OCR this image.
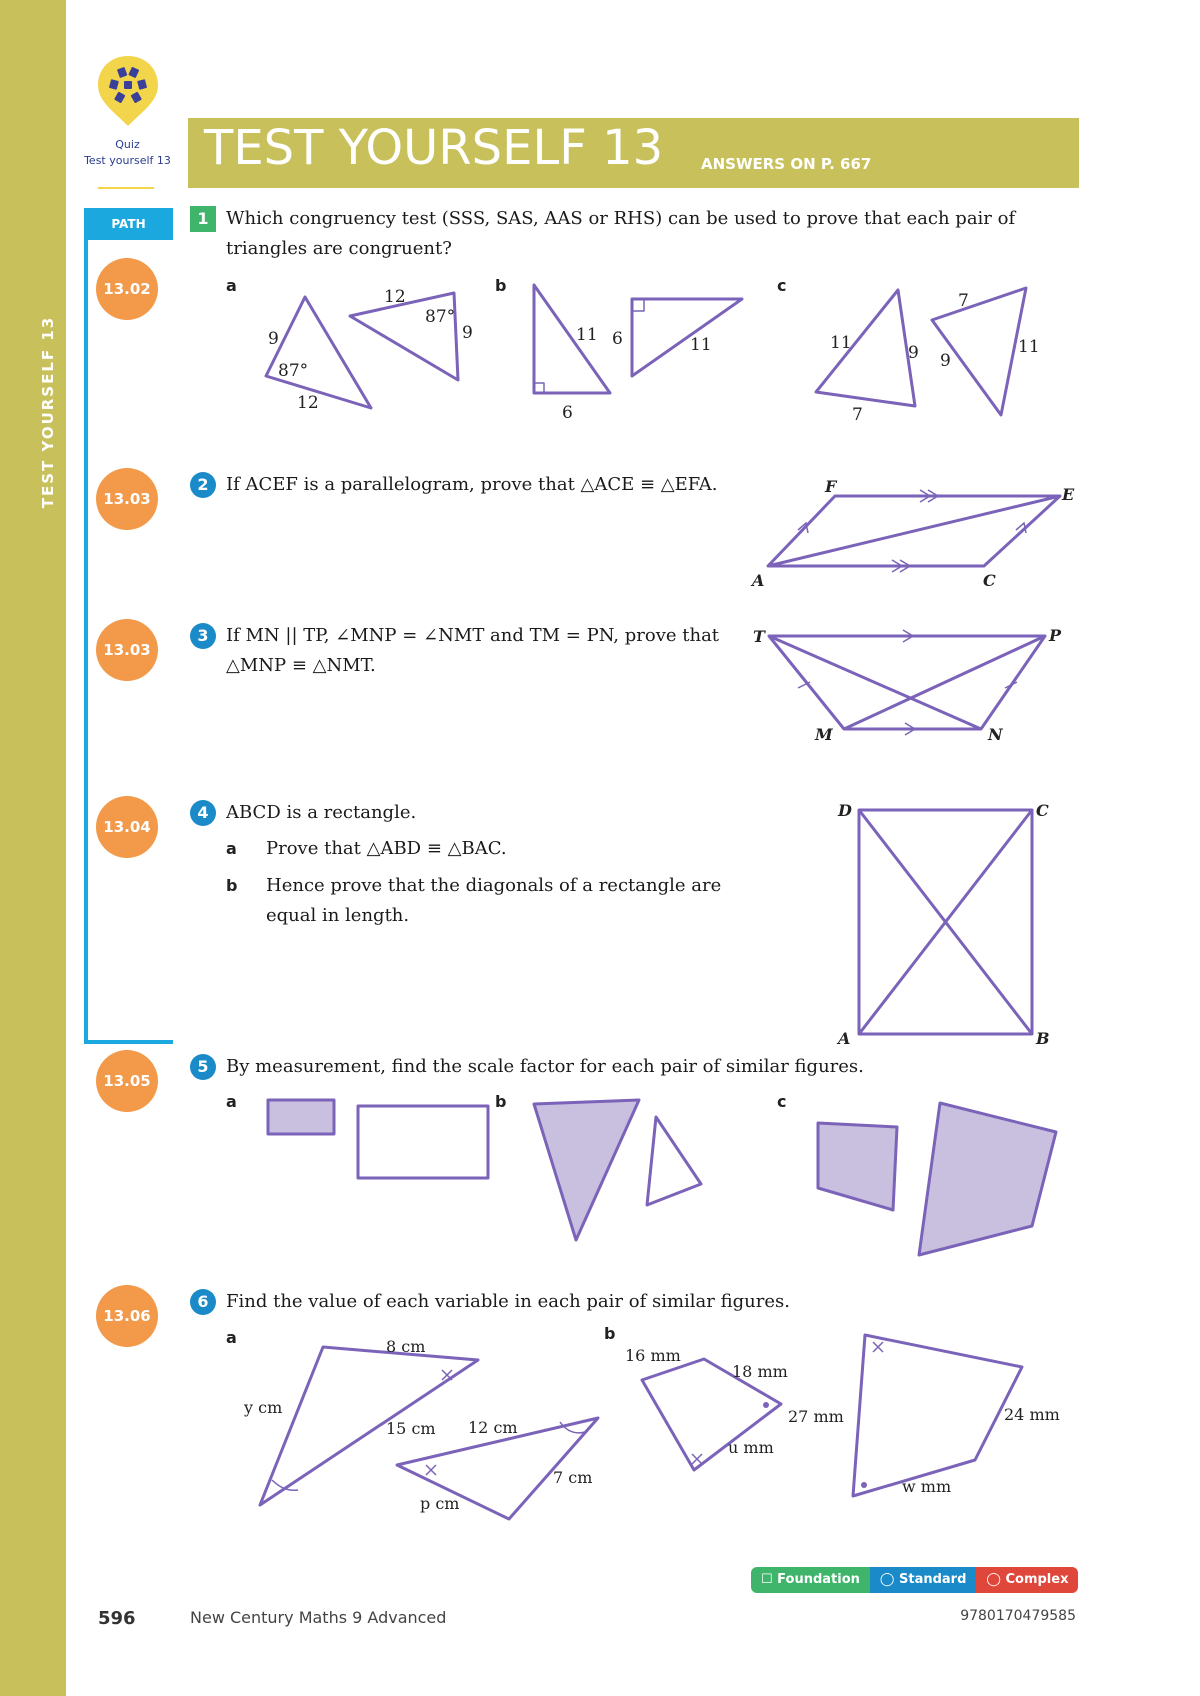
TEST YOURSELF 13
Quiz
Test yourself 13 TEST YOURSELF 13	ANSWERS ON P. 667
PATH
13.02
13.03
13.03
13.04
13.05
13.06
1 Which congruency test (SSS, SAS, AAS or RHS) can be used to prove that each pair of triangles are congruent?
a	b	c
2 If ACEF is a parallelogram, prove that △ACE ≡ △EFA.
3 If MN || TP, ∠MNP = ∠NMT and TM = PN, prove that △MNP ≡ △NMT.
4 ABCD is a rectangle.
a Prove that △ABD ≡ △BAC.
b Hence prove that the diagonals of a rectangle are equal in length.
5 By measurement, find the scale factor for each pair of similar figures.
a	b	c
6 Find the value of each variable in each pair of similar figures.
a	b
9
87°
12
12
87°
9	11
6
6	11	11	9
7
7
9
11
F	E
A	C
T	P
M	N
D	C
A	B
8 cm
y cm
15 cm 12 cm
7 cm
p cm
16 mm
18 mm
27 mm
u mm
24 mm
w mm
☐ Foundation	◯ Standard	◯ Complex
596	New Century Maths 9 Advanced	9780170479585
